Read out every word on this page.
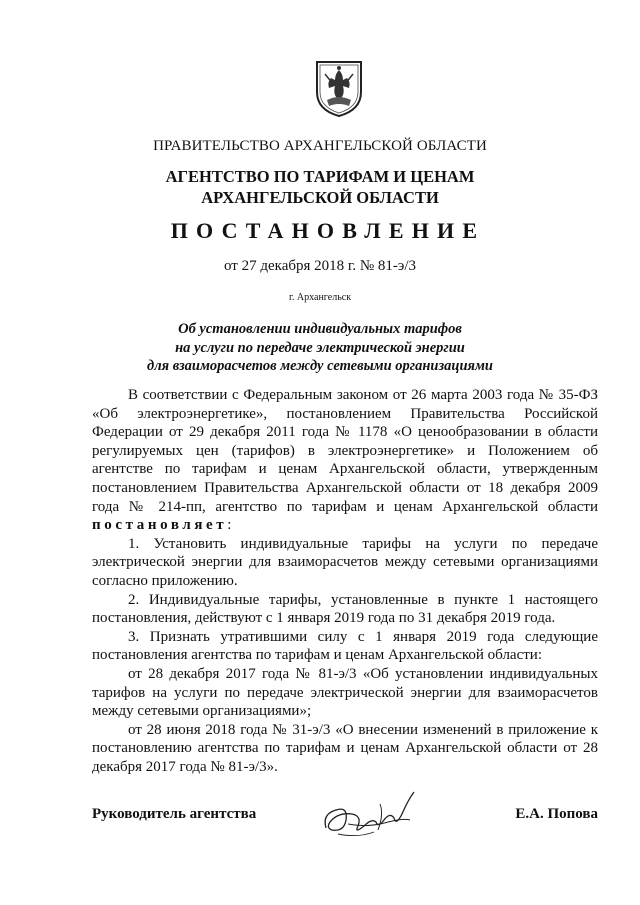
ПРАВИТЕЛЬСТВО АРХАНГЕЛЬСКОЙ ОБЛАСТИ
АГЕНТСТВО ПО ТАРИФАМ И ЦЕНАМ
АРХАНГЕЛЬСКОЙ ОБЛАСТИ
ПОСТАНОВЛЕНИЕ
от 27 декабря 2018 г. № 81-э/3
г. Архангельск
Об установлении индивидуальных тарифов
на услуги по передаче электрической энергии
для взаиморасчетов между сетевыми организациями

В соответствии с Федеральным законом от 26 марта 2003 года № 35-ФЗ «Об электроэнергетике», постановлением Правительства Российской Федерации от 29 декабря 2011 года № 1178 «О ценообразовании в области регулируемых цен (тарифов) в электроэнергетике» и Положением об агентстве по тарифам и ценам Архангельской области, утвержденным постановлением Правительства Архангельской области от 18 декабря 2009 года № 214-пп, агентство по тарифам и ценам Архангельской области постановляет:

1. Установить индивидуальные тарифы на услуги по передаче электрической энергии для взаиморасчетов между сетевыми организациями согласно приложению.

2. Индивидуальные тарифы, установленные в пункте 1 настоящего постановления, действуют с 1 января 2019 года по 31 декабря 2019 года.

3. Признать утратившими силу с 1 января 2019 года следующие постановления агентства по тарифам и ценам Архангельской области:

от 28 декабря 2017 года № 81-э/3 «Об установлении индивидуальных тарифов на услуги по передаче электрической энергии для взаиморасчетов между сетевыми организациями»;

от 28 июня 2018 года № 31-э/3 «О внесении изменений в приложение к постановлению агентства по тарифам и ценам Архангельской области от 28 декабря 2017 года № 81-э/3».

Руководитель агентства	Е.А. Попова
